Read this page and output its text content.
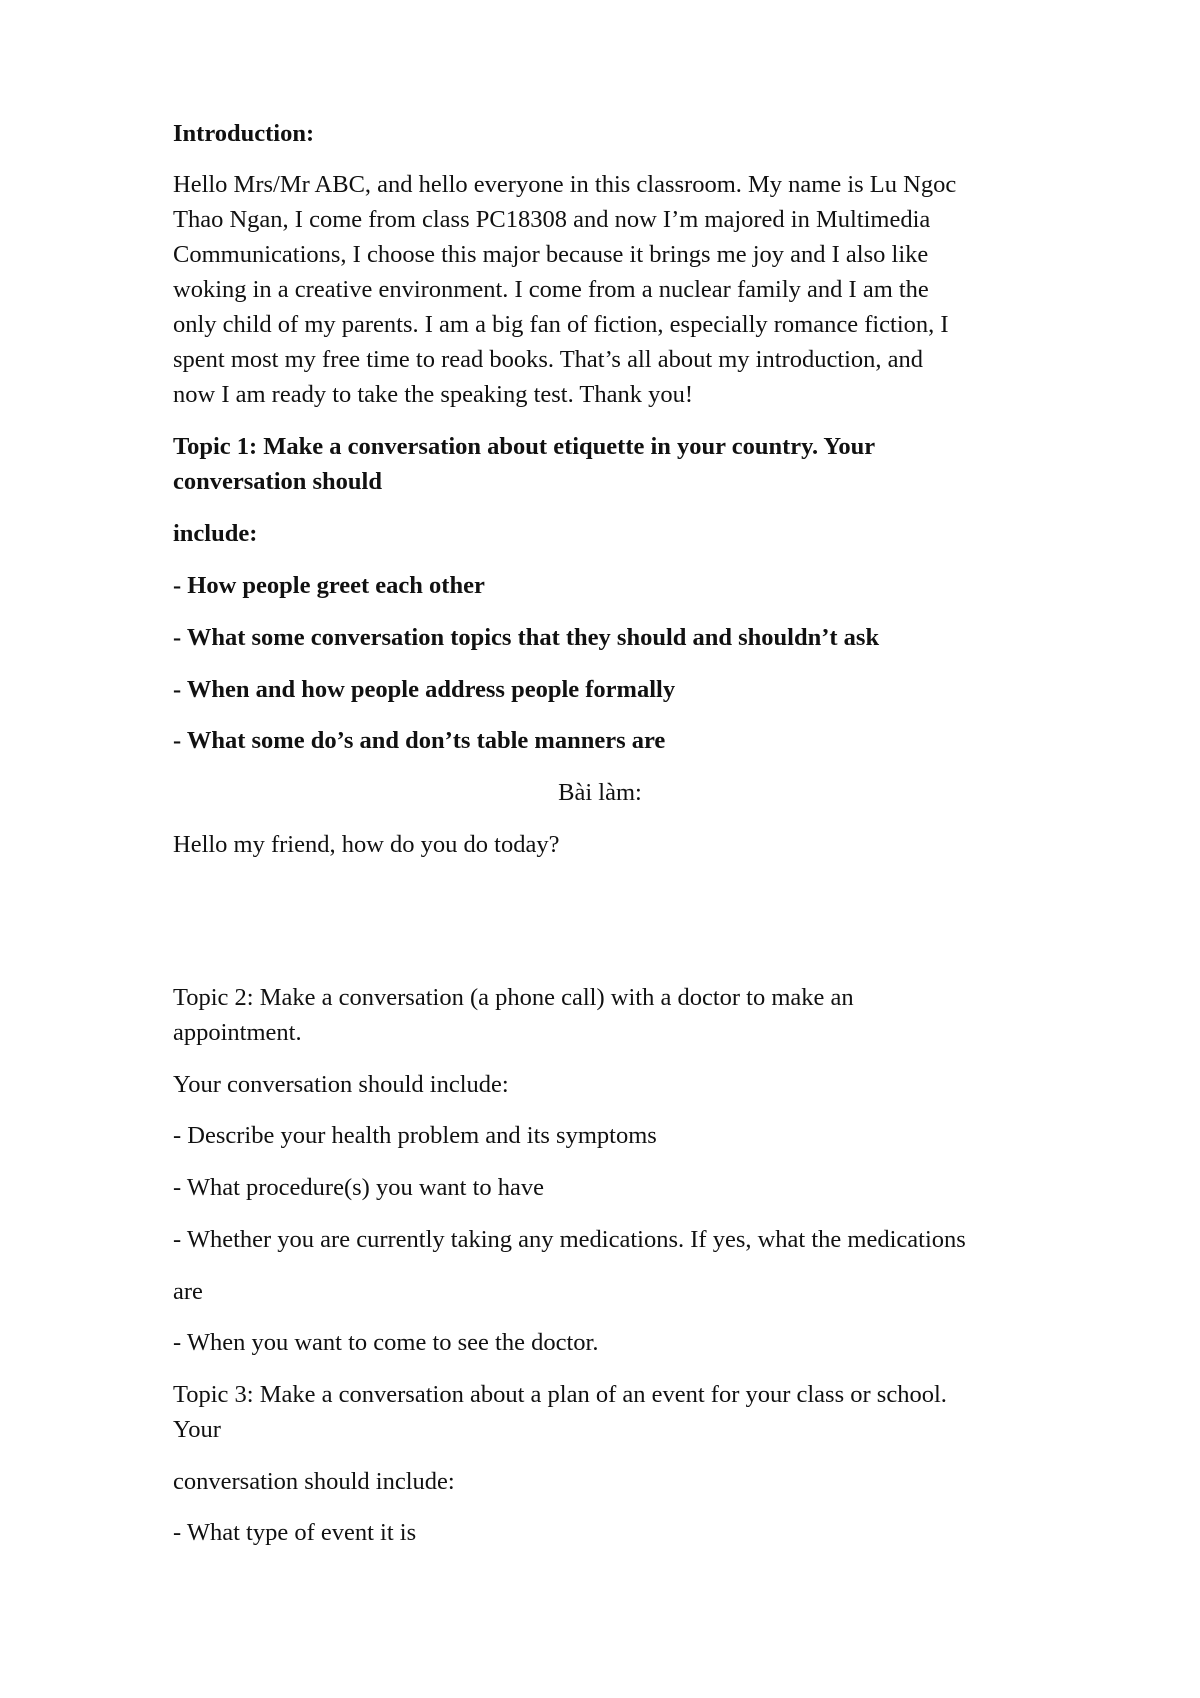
Introduction:

Hello Mrs/Mr ABC, and hello everyone in this classroom. My name is Lu Ngoc

Thao Ngan, I come from class PC18308 and now I’m majored in Multimedia

Communications, I choose this major because it brings me joy and I also like

woking in a creative environment. I come from a nuclear family and I am the

only child of my parents. I am a big fan of fiction, especially romance fiction, I

spent most my free time to read books. That’s all about my introduction, and

now I am ready to take the speaking test. Thank you!

Topic 1: Make a conversation about etiquette in your country. Your

conversation should

include:

- How people greet each other

- What some conversation topics that they should and shouldn’t ask

- When and how people address people formally

- What some do’s and don’ts table manners are

Bài làm:

Hello my friend, how do you do today?

Topic 2: Make a conversation (a phone call) with a doctor to make an

appointment.

Your conversation should include:

- Describe your health problem and its symptoms

- What procedure(s) you want to have

- Whether you are currently taking any medications. If yes, what the medications

are

- When you want to come to see the doctor.

Topic 3: Make a conversation about a plan of an event for your class or school.

Your

conversation should include:

- What type of event it is
